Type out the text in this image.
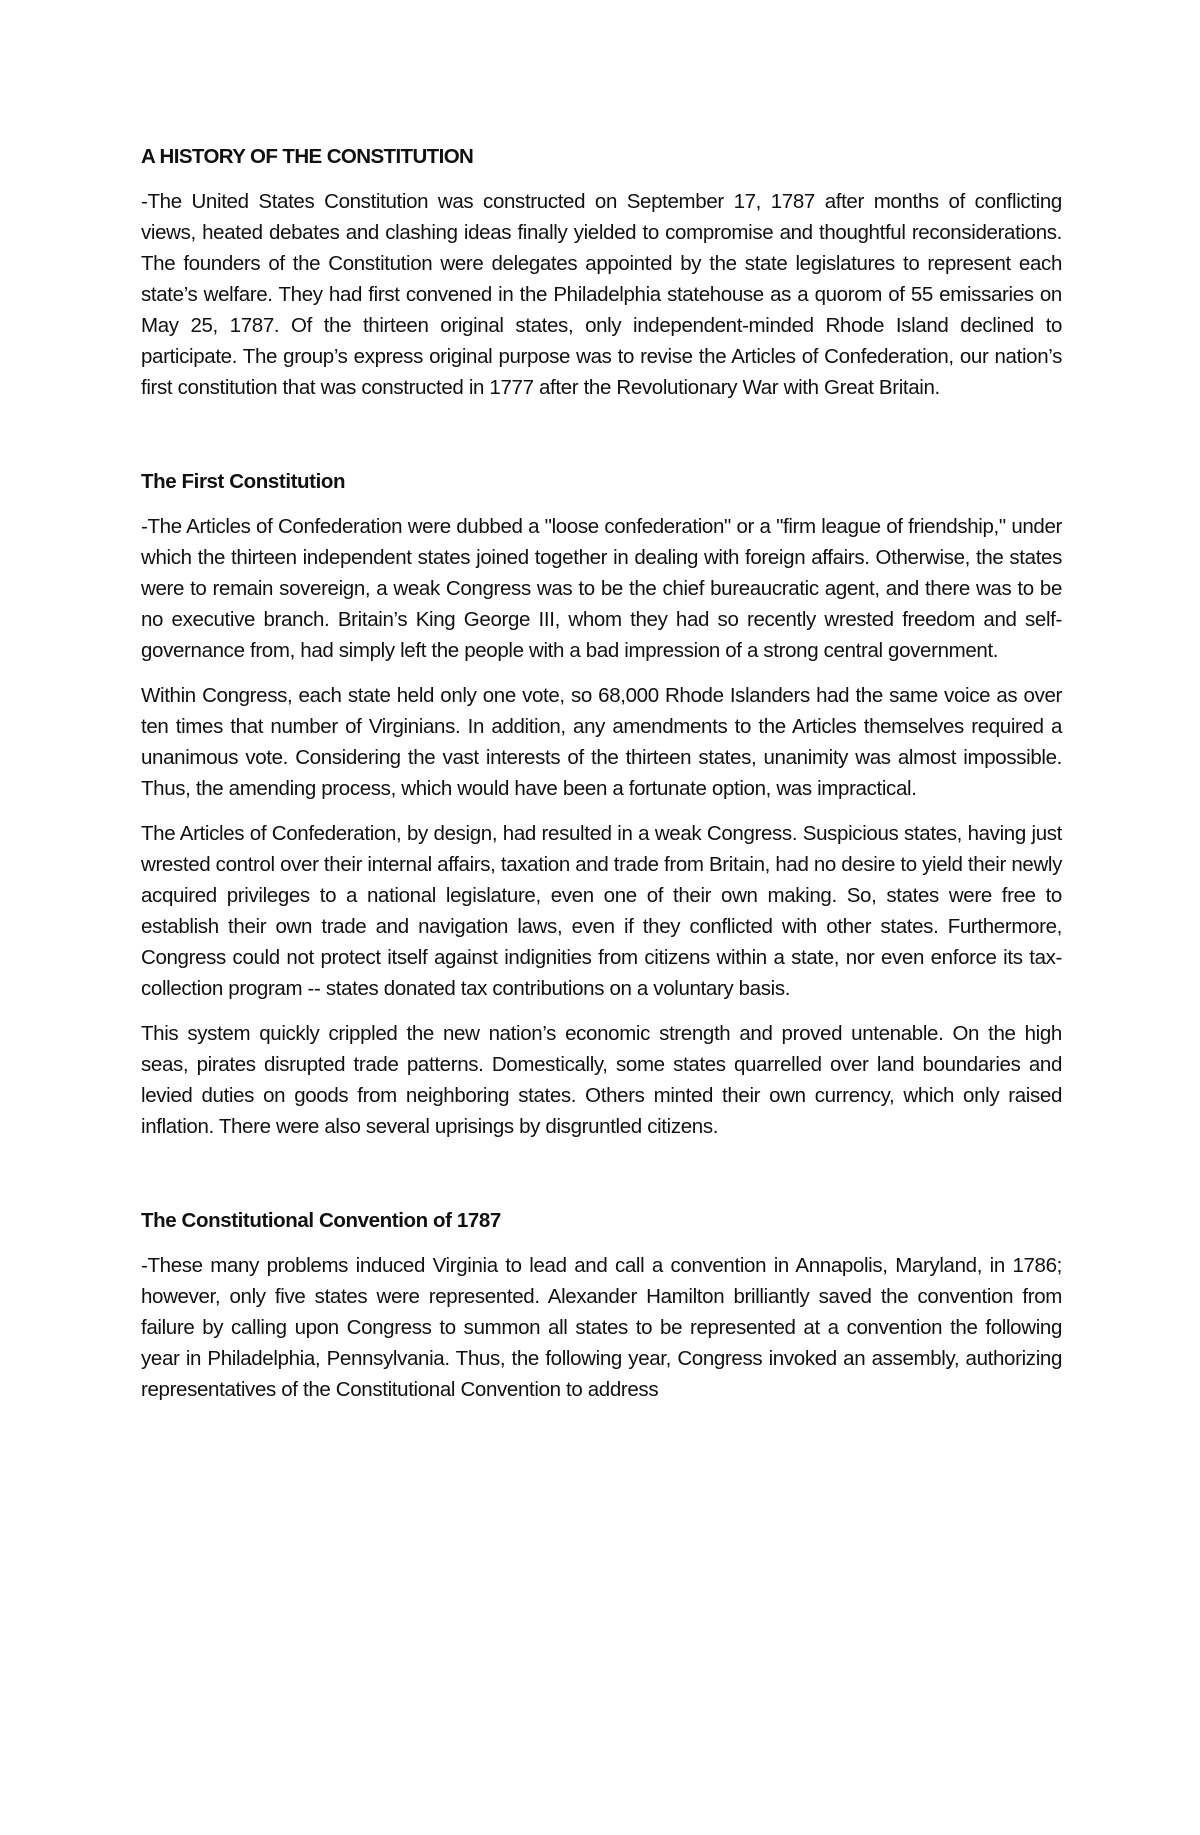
A HISTORY OF THE CONSTITUTION

-The United States Constitution was constructed on September 17, 1787 after months of conflicting views, heated debates and clashing ideas finally yielded to compromise and thoughtful reconsiderations. The founders of the Constitution were delegates appointed by the state legislatures to represent each state’s welfare. They had first convened in the Philadelphia statehouse as a quorom of 55 emissaries on May 25, 1787. Of the thirteen original states, only independent-minded Rhode Island declined to participate. The group’s express original purpose was to revise the Articles of Confederation, our nation’s first constitution that was constructed in 1777 after the Revolutionary War with Great Britain.

The First Constitution

-The Articles of Confederation were dubbed a "loose confederation" or a "firm league of friendship," under which the thirteen independent states joined together in dealing with foreign affairs. Otherwise, the states were to remain sovereign, a weak Congress was to be the chief bureaucratic agent, and there was to be no executive branch. Britain’s King George III, whom they had so recently wrested freedom and self-governance from, had simply left the people with a bad impression of a strong central government.

Within Congress, each state held only one vote, so 68,000 Rhode Islanders had the same voice as over ten times that number of Virginians. In addition, any amendments to the Articles themselves required a unanimous vote. Considering the vast interests of the thirteen states, unanimity was almost impossible. Thus, the amending process, which would have been a fortunate option, was impractical.

The Articles of Confederation, by design, had resulted in a weak Congress. Suspicious states, having just wrested control over their internal affairs, taxation and trade from Britain, had no desire to yield their newly acquired privileges to a national legislature, even one of their own making. So, states were free to establish their own trade and navigation laws, even if they conflicted with other states. Furthermore, Congress could not protect itself against indignities from citizens within a state, nor even enforce its tax-collection program -- states donated tax contributions on a voluntary basis.

This system quickly crippled the new nation’s economic strength and proved untenable. On the high seas, pirates disrupted trade patterns. Domestically, some states quarrelled over land boundaries and levied duties on goods from neighboring states. Others minted their own currency, which only raised inflation. There were also several uprisings by disgruntled citizens.

The Constitutional Convention of 1787

-These many problems induced Virginia to lead and call a convention in Annapolis, Maryland, in 1786; however, only five states were represented. Alexander Hamilton brilliantly saved the convention from failure by calling upon Congress to summon all states to be represented at a convention the following year in Philadelphia, Pennsylvania. Thus, the following year, Congress invoked an assembly, authorizing representatives of the Constitutional Convention to address
